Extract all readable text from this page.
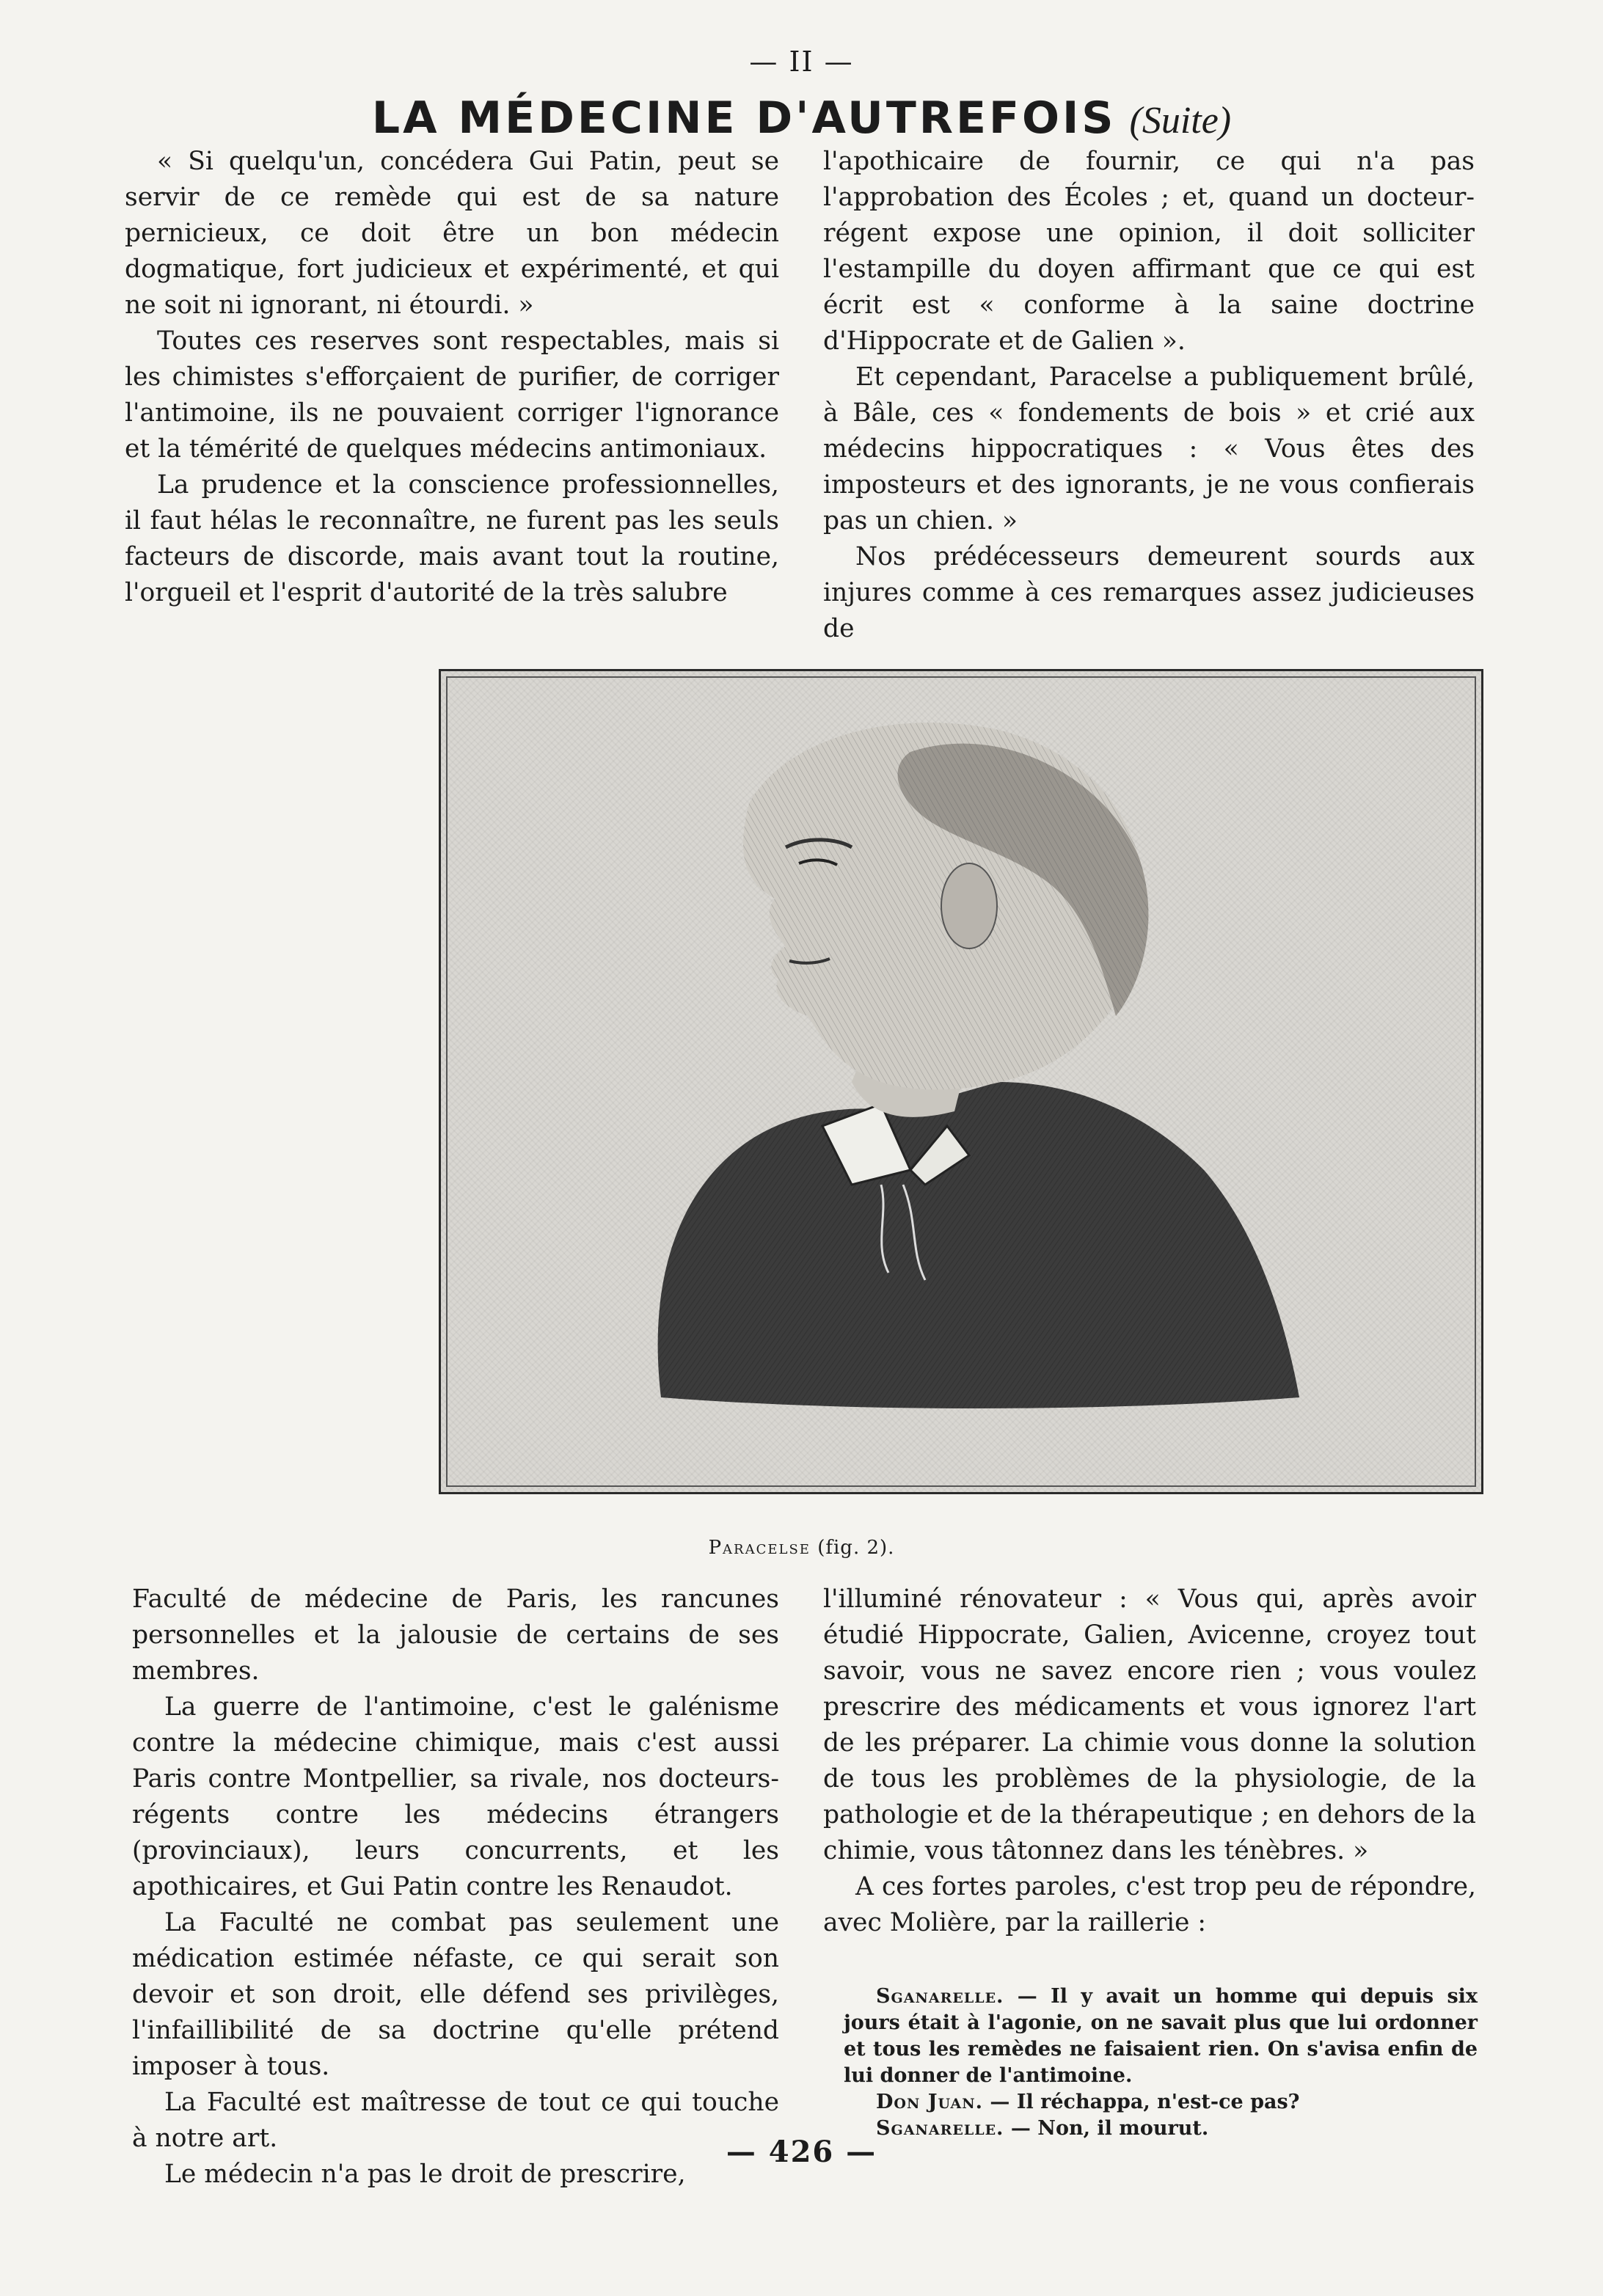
— II —
LA MÉDECINE D'AUTREFOIS (Suite)

« Si quelqu'un, concédera Gui Patin, peut se servir de ce remède qui est de sa nature pernicieux, ce doit être un bon médecin dogmatique, fort judicieux et expérimenté, et qui ne soit ni ignorant, ni étourdi. »

Toutes ces reserves sont respectables, mais si les chimistes s'efforçaient de purifier, de corriger l'antimoine, ils ne pouvaient corriger l'ignorance et la témérité de quelques médecins antimoniaux.

La prudence et la conscience professionnelles, il faut hélas le reconnaître, ne furent pas les seuls facteurs de discorde, mais avant tout la routine, l'orgueil et l'esprit d'autorité de la très salubre

l'apothicaire de fournir, ce qui n'a pas l'approbation des Écoles ; et, quand un docteur-régent expose une opinion, il doit solliciter l'estampille du doyen affirmant que ce qui est écrit est « conforme à la saine doctrine d'Hippocrate et de Galien ».

Et cependant, Paracelse a publiquement brûlé, à Bâle, ces « fondements de bois » et crié aux médecins hippocratiques : « Vous êtes des imposteurs et des ignorants, je ne vous confierais pas un chien. »

Nos prédécesseurs demeurent sourds aux injures comme à ces remarques assez judicieuses de

Paracelse (fig. 2).

Faculté de médecine de Paris, les rancunes personnelles et la jalousie de certains de ses membres.

La guerre de l'antimoine, c'est le galénisme contre la médecine chimique, mais c'est aussi Paris contre Montpellier, sa rivale, nos docteurs-régents contre les médecins étrangers (provinciaux), leurs concurrents, et les apothicaires, et Gui Patin contre les Renaudot.

La Faculté ne combat pas seulement une médication estimée néfaste, ce qui serait son devoir et son droit, elle défend ses privilèges, l'infaillibilité de sa doctrine qu'elle prétend imposer à tous.

La Faculté est maîtresse de tout ce qui touche à notre art.

Le médecin n'a pas le droit de prescrire,

l'illuminé rénovateur : « Vous qui, après avoir étudié Hippocrate, Galien, Avicenne, croyez tout savoir, vous ne savez encore rien ; vous voulez prescrire des médicaments et vous ignorez l'art de les préparer. La chimie vous donne la solution de tous les problèmes de la physiologie, de la pathologie et de la thérapeutique ; en dehors de la chimie, vous tâtonnez dans les ténèbres. »

A ces fortes paroles, c'est trop peu de répondre, avec Molière, par la raillerie :

Sganarelle. — Il y avait un homme qui depuis six jours était à l'agonie, on ne savait plus que lui ordonner et tous les remèdes ne faisaient rien. On s'avisa enfin de lui donner de l'antimoine.

Don Juan. — Il réchappa, n'est-ce pas?

Sganarelle. — Non, il mourut.

— 426 —
